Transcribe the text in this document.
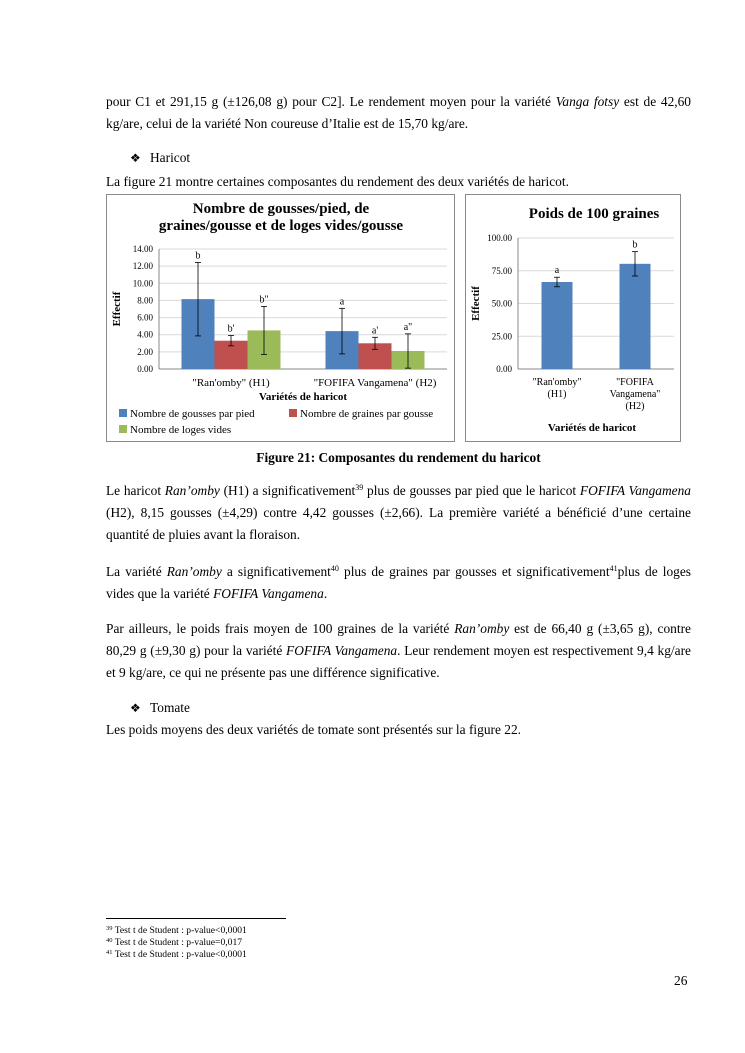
pour C1 et 291,15 g (±126,08 g) pour C2]. Le rendement moyen pour la variété Vanga fotsy est de 42,60 kg/are, celui de la variété Non coureuse d’Italie est de 15,70 kg/are.

❖ Haricot

La figure 21 montre certaines composantes du rendement des deux variétés de haricot.

Nombre de gousses/pied, de
graines/gousse et de loges vides/gousse
0.00
2.00
4.00
6.00
8.00
10.00
12.00
14.00
Effectif
b
b'
b"
"Ran'omby" (H1)
a
a'	a"
"FOFIFA Vangamena" (H2)
Variétés de haricot
Nombre de gousses par pied	Nombre de graines par gousse
Nombre de loges vides
Poids de 100 graines
0.00
25.00
50.00
75.00
100.00
Effectif
a
"Ran'omby"
(H1)
b
"FOFIFA
Vangamena"
(H2)
Variétés de haricot
Figure 21: Composantes du rendement du haricot

Le haricot Ran’omby (H1) a significativement$^{39}$ plus de gousses par pied que le haricot FOFIFA Vangamena (H2), 8,15 gousses (±4,29) contre 4,42 gousses (±2,66). La première variété a bénéficié d’une certaine quantité de pluies avant la floraison.

La variété Ran’omby a significativement$^{40}$ plus de graines par gousses et significativement$^{41}$plus de loges vides que la variété FOFIFA Vangamena.

Par ailleurs, le poids frais moyen de 100 graines de la variété Ran’omby est de 66,40 g (±3,65 g), contre 80,29 g (±9,30 g) pour la variété FOFIFA Vangamena. Leur rendement moyen est respectivement 9,4 kg/are et 9 kg/are, ce qui ne présente pas une différence significative.

❖ Tomate

Les poids moyens des deux variétés de tomate sont présentés sur la figure 22.

$^{39}$ Test t de Student : p-value<0,0001
$^{40}$ Test t de Student : p-value=0,017
$^{41}$ Test t de Student : p-value<0,0001
26
